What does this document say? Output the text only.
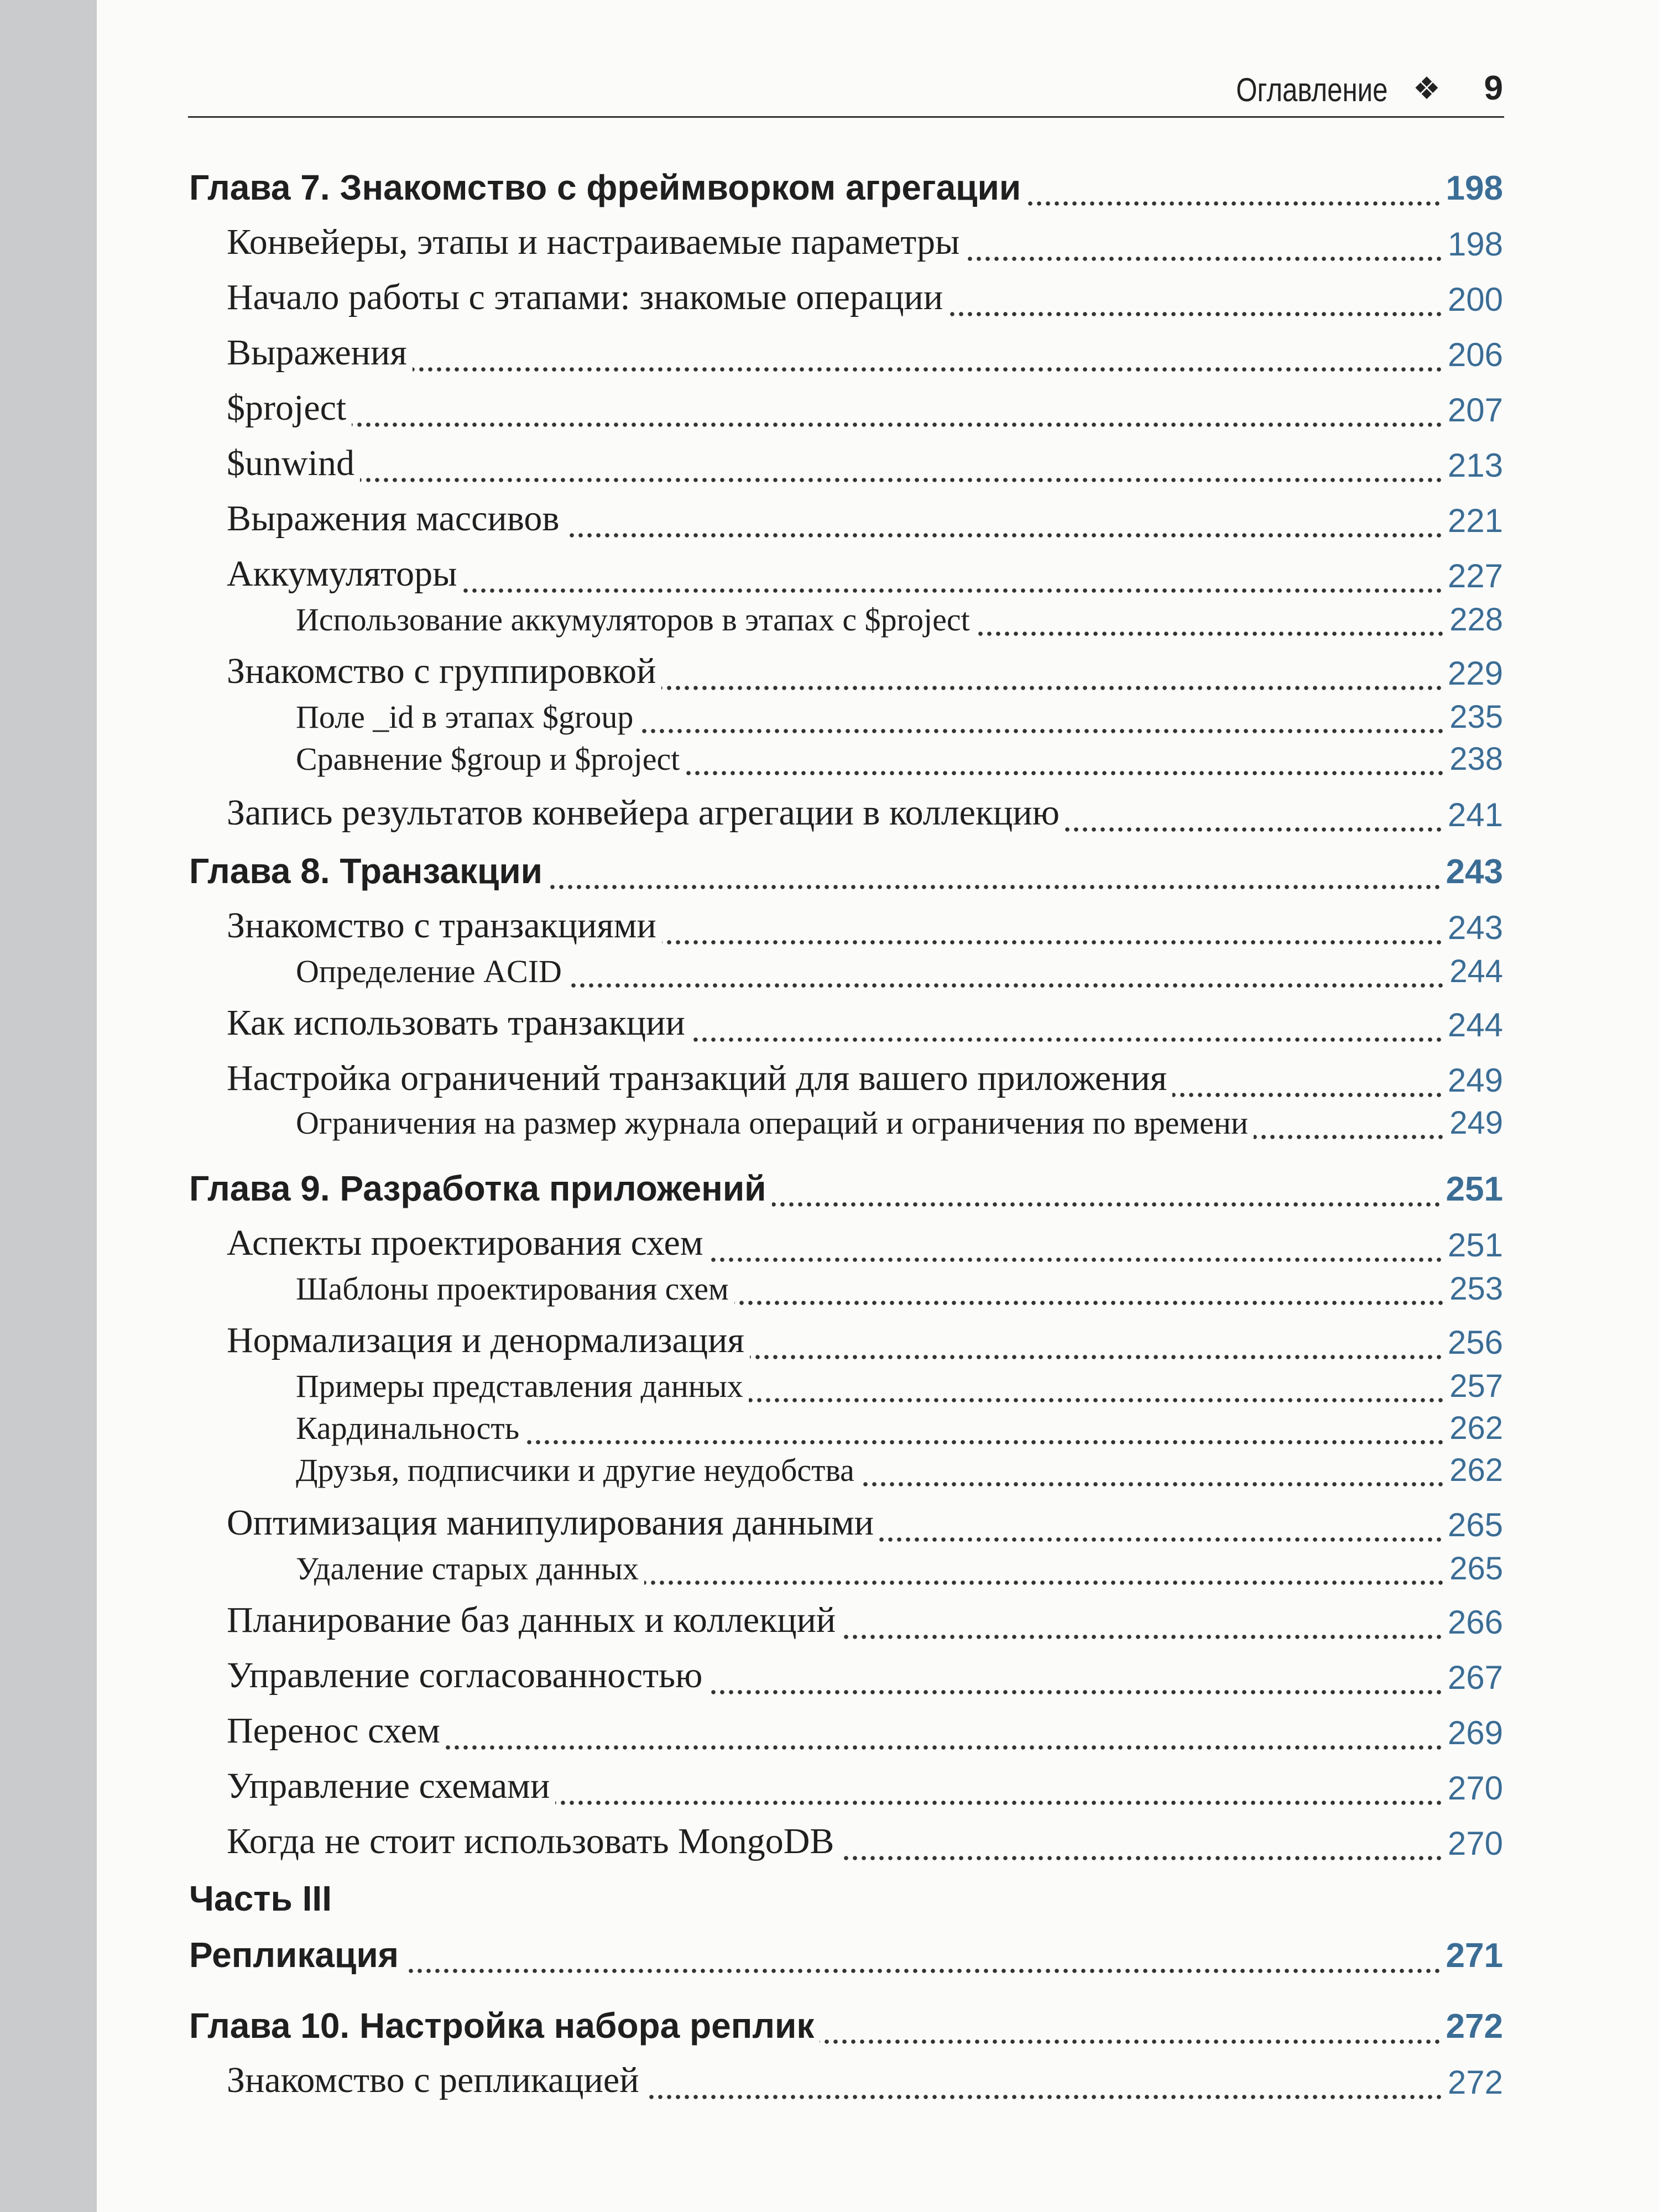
Оглавление ❖ 9
Глава 7. Знакомство с фреймворком агрегации	198
Конвейеры, этапы и настраиваемые параметры	198
Начало работы с этапами: знакомые операции	200
Выражения	206
$project	207
$unwind	213
Выражения массивов	221
Аккумуляторы	227
Использование аккумуляторов в этапах с $project	228
Знакомство с группировкой	229
Поле _id в этапах $group	235
Сравнение $group и $project	238
Запись результатов конвейера агрегации в коллекцию	241
Глава 8. Транзакции	243
Знакомство с транзакциями	243
Определение ACID	244
Как использовать транзакции	244
Настройка ограничений транзакций для вашего приложения	249
Ограничения на размер журнала операций и ограничения по времени	249
Глава 9. Разработка приложений	251
Аспекты проектирования схем	251
Шаблоны проектирования схем	253
Нормализация и денормализация	256
Примеры представления данных	257
Кардинальность	262
Друзья, подписчики и другие неудобства	262
Оптимизация манипулирования данными	265
Удаление старых данных	265
Планирование баз данных и коллекций	266
Управление согласованностью	267
Перенос схем	269
Управление схемами	270
Когда не стоит использовать MongoDB	270
Часть III
Репликация	271
Глава 10. Настройка набора реплик	272
Знакомство с репликацией	272
